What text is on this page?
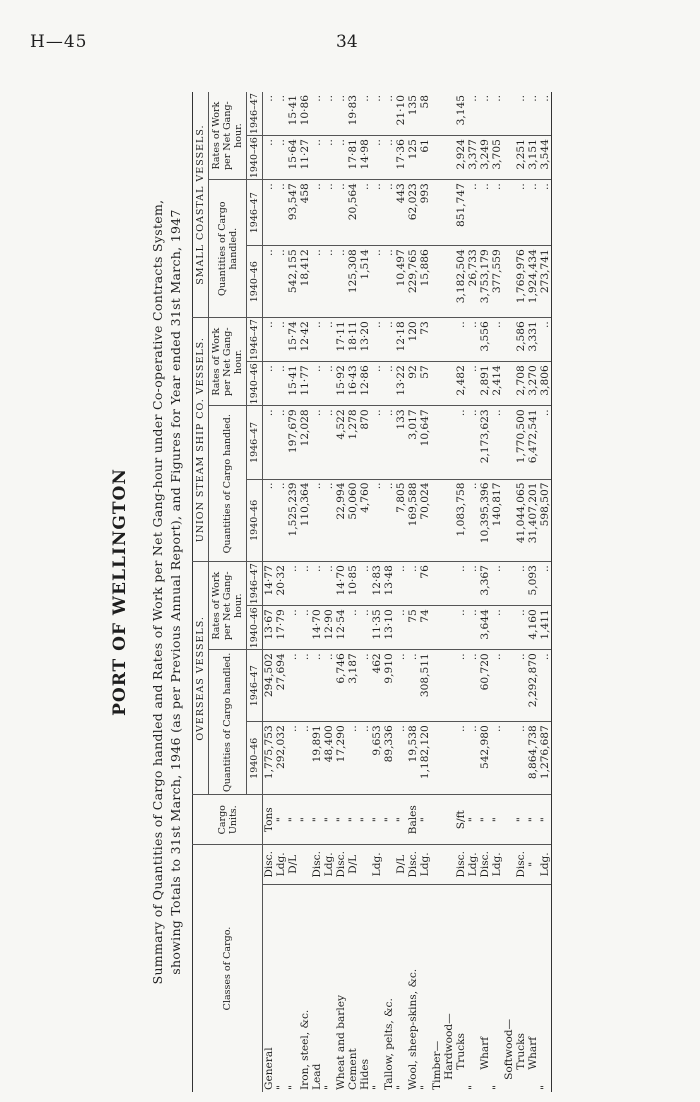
H—45	34
PORT OF WELLINGTON Summary of Quantities of Cargo handled and Rates of Work per Net Gang-hour under Co-operative Contracts System, showing Totals to 31st March, 1946 (as per Previous Annual Report), and Figures for Year ended 31st March, 1947	Classes of Cargo.		Cargo Units.	OVERSEAS VESSELS.				UNION STEAM SHIP CO. VESSELS.				SMALL COASTAL VESSELS.			
			Quantities of Cargo handled.		Rates of Work per Net Gang-hour.		Quantities of Cargo handled.		Rates of Work per Net Gang-hour.		Quantities of Cargo handled.		Rates of Work per Net Gang-hour.	
			1940–46	1946–47	1940–46	1946–47	1940–46	1946–47	1940–46	1946–47	1940–46	1946–47	1940–46	1946–47
General	Disc.	Tons	1,775,753	294,502	13·67	14·77	..	..	..	..	..	..	..	..
"	Ldg.	"	292,032	27,694	17·79	20·32	..	..	..	..	..	..	..	..
"	D/L	"	..	..	..	..	1,525,239	197,679	15·41	15·74	542,155	93,547	15·64	15·41
Iron, steel, &c.		"	..	..	..	..	110,364	12,028	11·77	12·42	18,412	458	11·27	10·86
Lead	Disc.	"	19,891	..	14·70	..	..	..	..	..	..	..	..	..
"	Ldg.	"	48,400	..	12·90	..	..	..	..	..	..	..	..	..
Wheat and barley	Disc.	"	17,290	6,746	12·54	14·70	22,994	4,522	15·92	17·11	..	..	..	..
Cement	D/L	"	..	3,187	..	10·85	50,060	1,278	16·43	18·11	125,308	20,564	17·81	19·83
Hides		"	..	..	..	..	4,760	870	12·86	13·20	1,514	..	14·98	..
"	Ldg.	"	9,653	462	11·35	12·83	..	..	..	..	..	..	..	..
Tallow, pelts, &c.		"	89,336	9,910	13·10	13·48	..	..	..	..	..	..	..	..
"	D/L	"	..	..	..	..	7,805	133	13·22	12·18	10,497	443	17·36	21·10
Wool, sheep-skins, &c.	Disc.	Bales	19,538	..	75	..	169,588	3,017	92	120	229,765	62,023	125	135
"	Ldg.	"	1,182,120	308,511	74	76	70,024	10,647	57	73	15,886	993	61	58
Timber—														
Hardwood—														
Trucks	Disc.	S/ft	..	..	..	..	1,083,758	..	2,482	..	3,182,504	851,747	2,924	3,145
"	Ldg.	"	..	..	..	..	..	..	..	..	26,733	..	3,377	..
Wharf	Disc.	"	542,980	60,720	3,644	3,367	10,395,396	2,173,623	2,891	3,556	3,753,179	..	3,249	..
"	Ldg.	"	..	..	..	..	140,817	..	2,414	..	377,559	..	3,705	..
Softwood—														
Trucks	Disc.	"	..	..	..	..	41,044,065	1,770,500	2,708	2,586	1,769,976	..	2,251	..
Wharf	"	"	8,864,738	2,292,870	4,160	5,093	31,407,201	6,472,541	3,270	3,331	1,924,434	..	3,151	..
"	Ldg.	"	1,276,687	..	1,411	..	598,507	..	3,806	..	273,741	..	3,544	..
